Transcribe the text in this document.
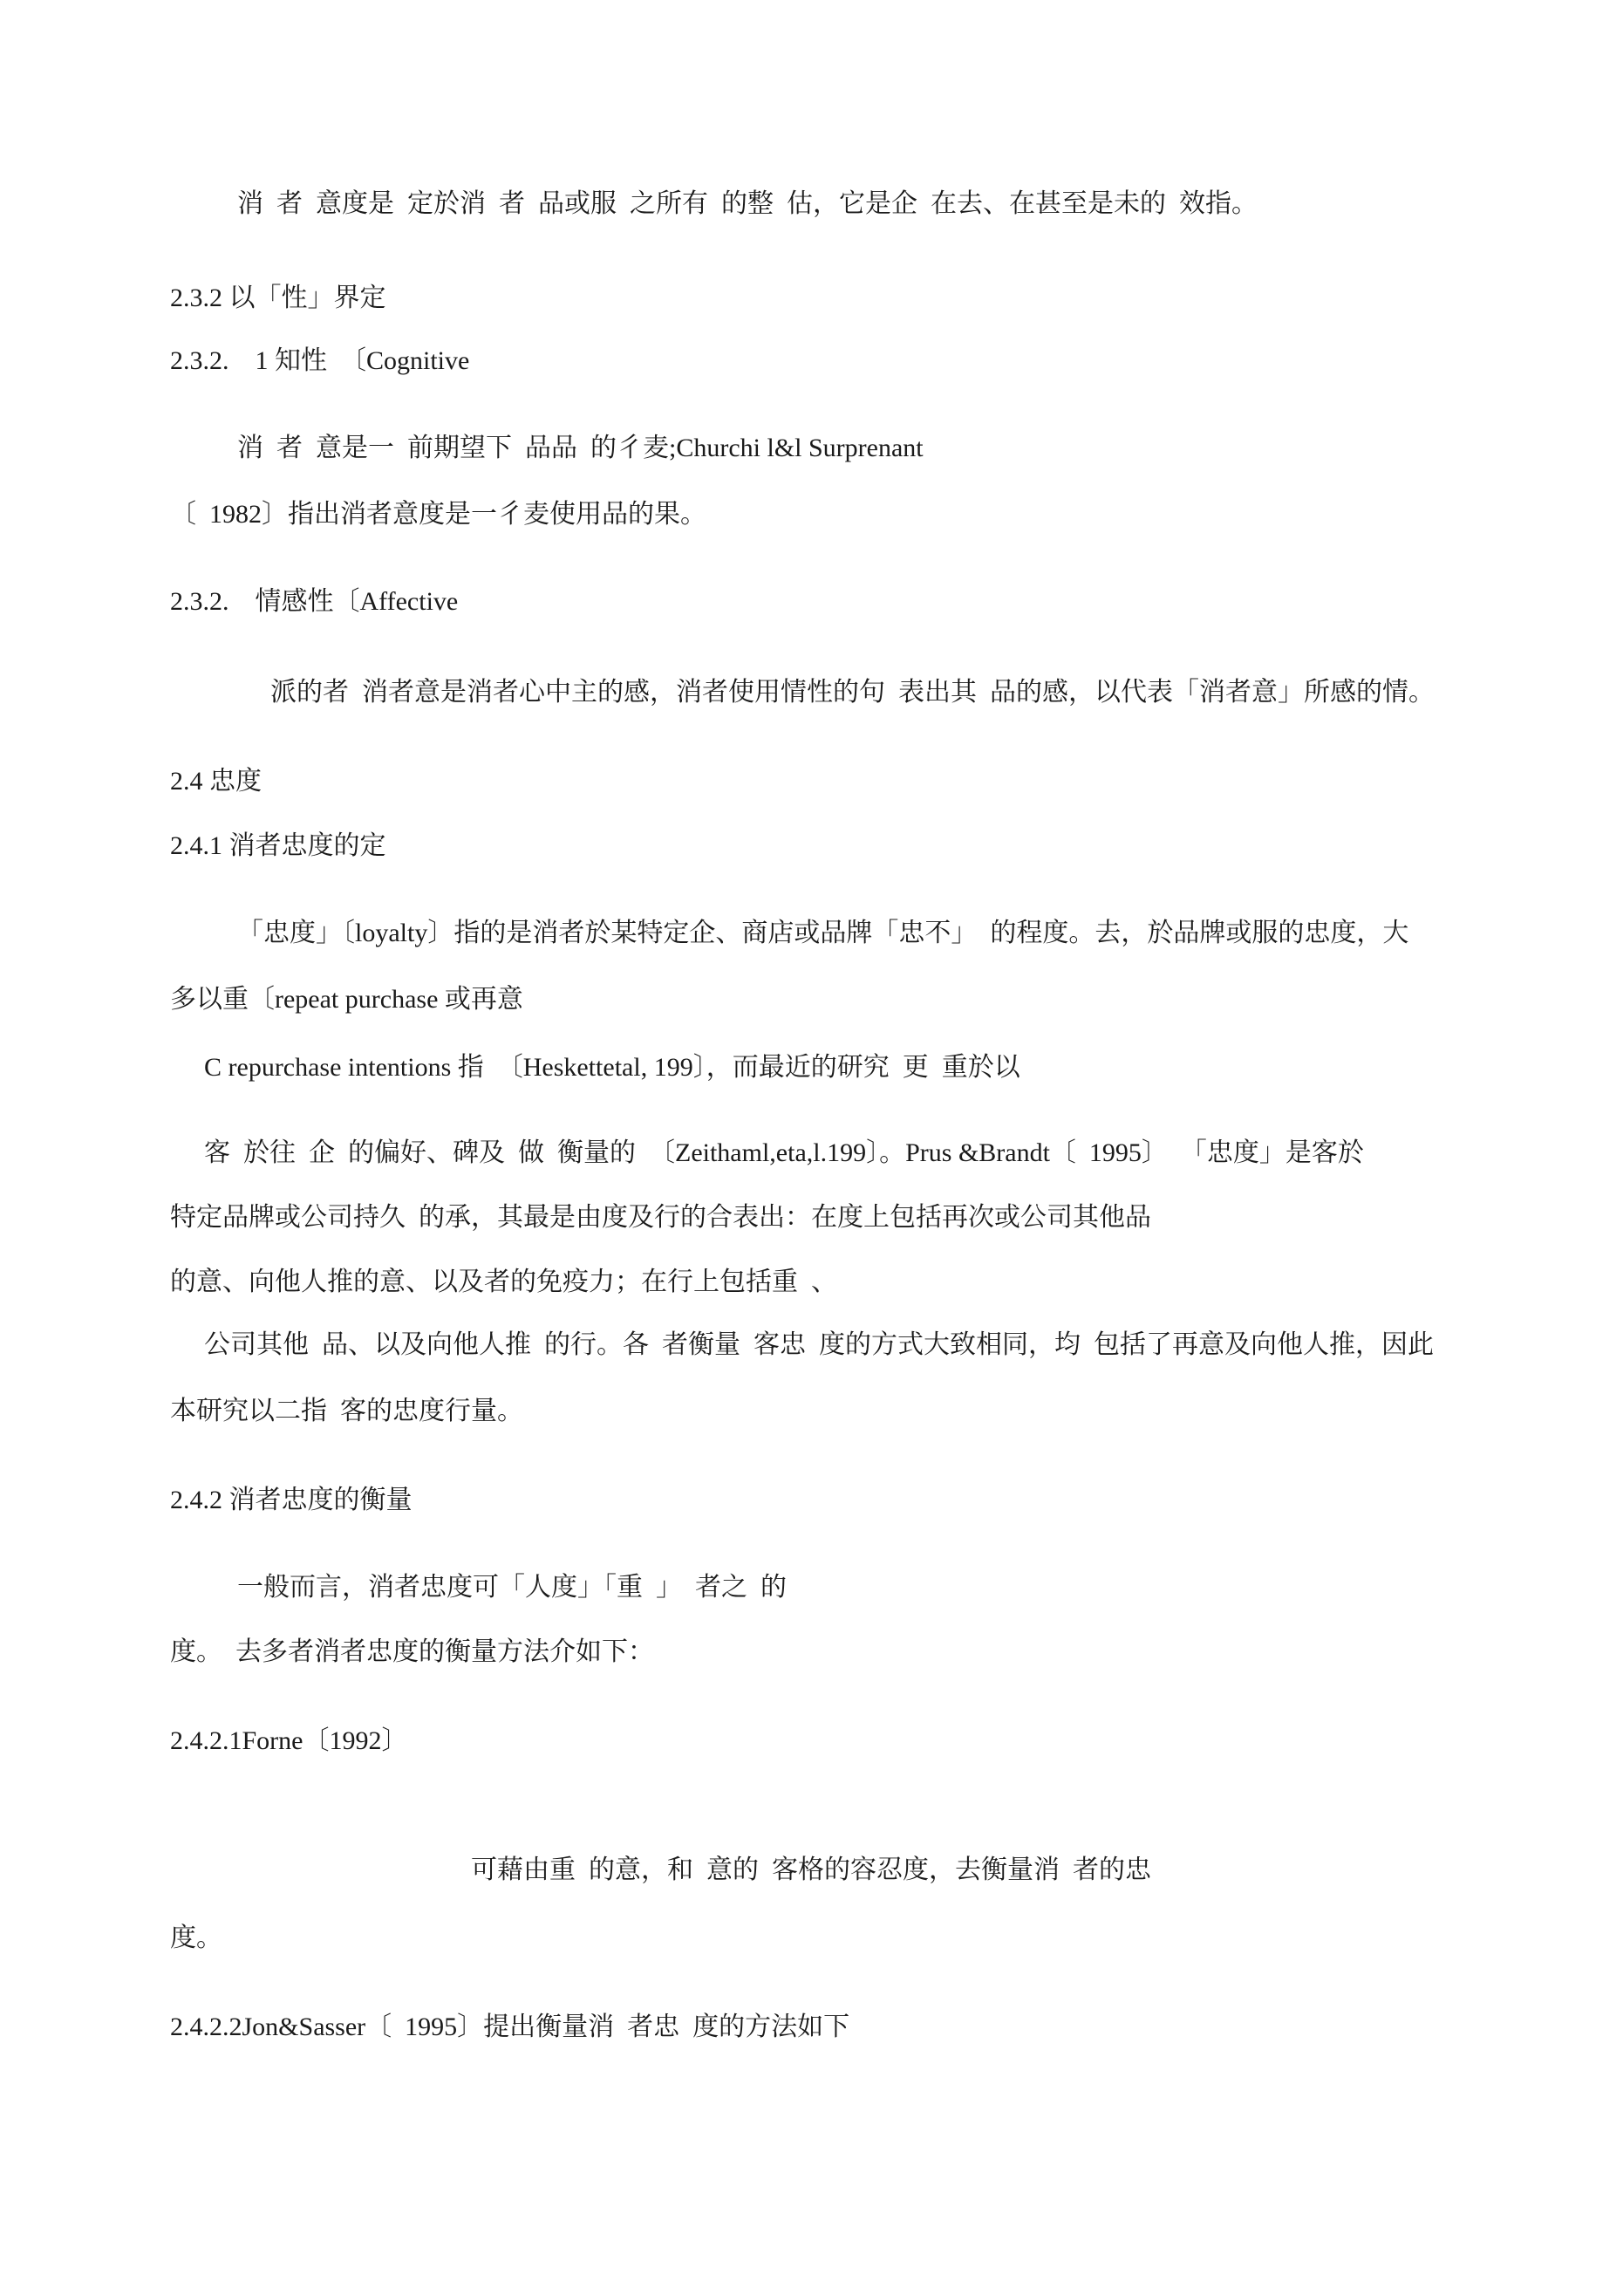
消  者  意度是  定於消  者  品或服  之所有  的整  估，它是企  在去、在甚至是未的  效指。

2.3.2 以「性」界定

2.3.2.    1 知性  〔Cognitive

消  者  意是一  前期望下  品品  的彳麦;Churchi l&l Surprenant

〔  1982〕指出消者意度是一彳麦使用品的果。

2.3.2.    情感性〔Affective

派的者  消者意是消者心中主的感，消者使用情性的句  表出其  品的感，以代表「消者意」所感的情。

2.4 忠度

2.4.1 消者忠度的定

「忠度」〔loyalty〕指的是消者於某特定企、商店或品牌「忠不」  的程度。去，於品牌或服的忠度，大

多以重〔repeat purchase 或再意

C repurchase intentions 指  〔Heskettetal, 199〕，而最近的研究  更  重於以

客  於往  企  的偏好、碑及  做  衡量的  〔Zeithaml,eta,l.199〕。Prus &Brandt〔  1995〕  「忠度」是客於

特定品牌或公司持久  的承，其最是由度及行的合表出：在度上包括再次或公司其他品

的意、向他人推的意、以及者的免疫力；在行上包括重  、

公司其他  品、以及向他人推  的行。各  者衡量  客忠  度的方式大致相同，均  包括了再意及向他人推，因此

本研究以二指  客的忠度行量。

2.4.2 消者忠度的衡量

一般而言，消者忠度可「人度」「重  」  者之  的

度。  去多者消者忠度的衡量方法介如下：

2.4.2.1Forne〔1992〕

可藉由重  的意，和  意的  客格的容忍度，去衡量消  者的忠

度。

2.4.2.2Jon&Sasser〔  1995〕提出衡量消  者忠  度的方法如下
